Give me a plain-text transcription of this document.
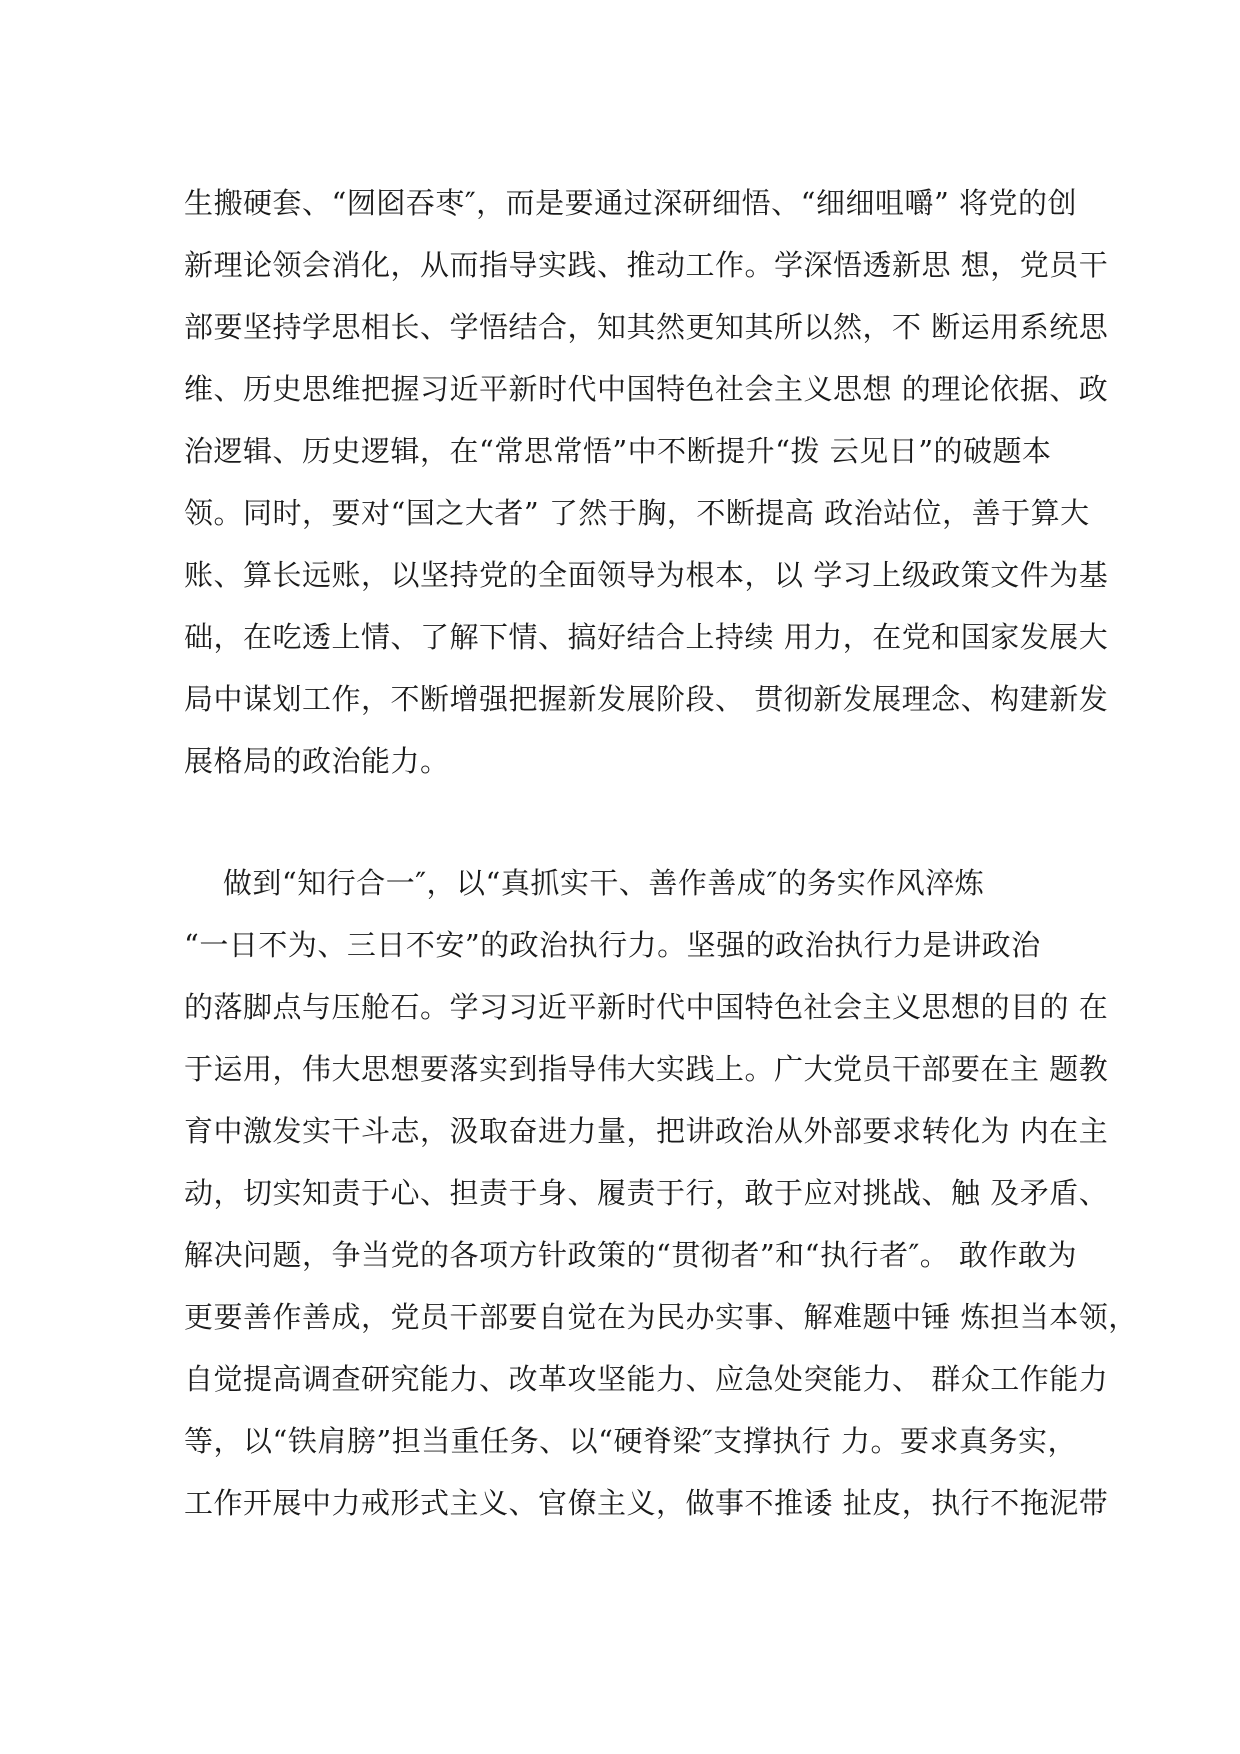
生搬硬套、“囫囵吞枣″，而是要通过深研细悟、“细细咀嚼” 将党的创
新理论领会消化，从而指导实践、推动工作。学深悟透新思 想，党员干
部要坚持学思相长、学悟结合，知其然更知其所以然，不 断运用系统思
维、历史思维把握习近平新时代中国特色社会主义思想 的理论依据、政
治逻辑、历史逻辑，在“常思常悟”中不断提升“拨 云见日”的破题本
领。同时，要对“国之大者” 了然于胸，不断提高 政治站位，善于算大
账、算长远账，以坚持党的全面领导为根本，以 学习上级政策文件为基
础，在吃透上情、了解下情、搞好结合上持续 用力，在党和国家发展大
局中谋划工作，不断增强把握新发展阶段、 贯彻新发展理念、构建新发
展格局的政治能力。
做到“知行合一″，以“真抓实干、善作善成″的务实作风淬炼
“一日不为、三日不安”的政治执行力。坚强的政治执行力是讲政治
的落脚点与压舱石。学习习近平新时代中国特色社会主义思想的目的 在
于运用，伟大思想要落实到指导伟大实践上。广大党员干部要在主 题教
育中激发实干斗志，汲取奋进力量，把讲政治从外部要求转化为 内在主
动，切实知责于心、担责于身、履责于行，敢于应对挑战、触 及矛盾、
解决问题，争当党的各项方针政策的“贯彻者”和“执行者″。 敢作敢为
更要善作善成，党员干部要自觉在为民办实事、解难题中锤 炼担当本领，
自觉提高调查研究能力、改革攻坚能力、应急处突能力、 群众工作能力
等，以“铁肩膀”担当重任务、以“硬脊梁″支撑执行 力。要求真务实，
工作开展中力戒形式主义、官僚主义，做事不推诿 扯皮，执行不拖泥带
